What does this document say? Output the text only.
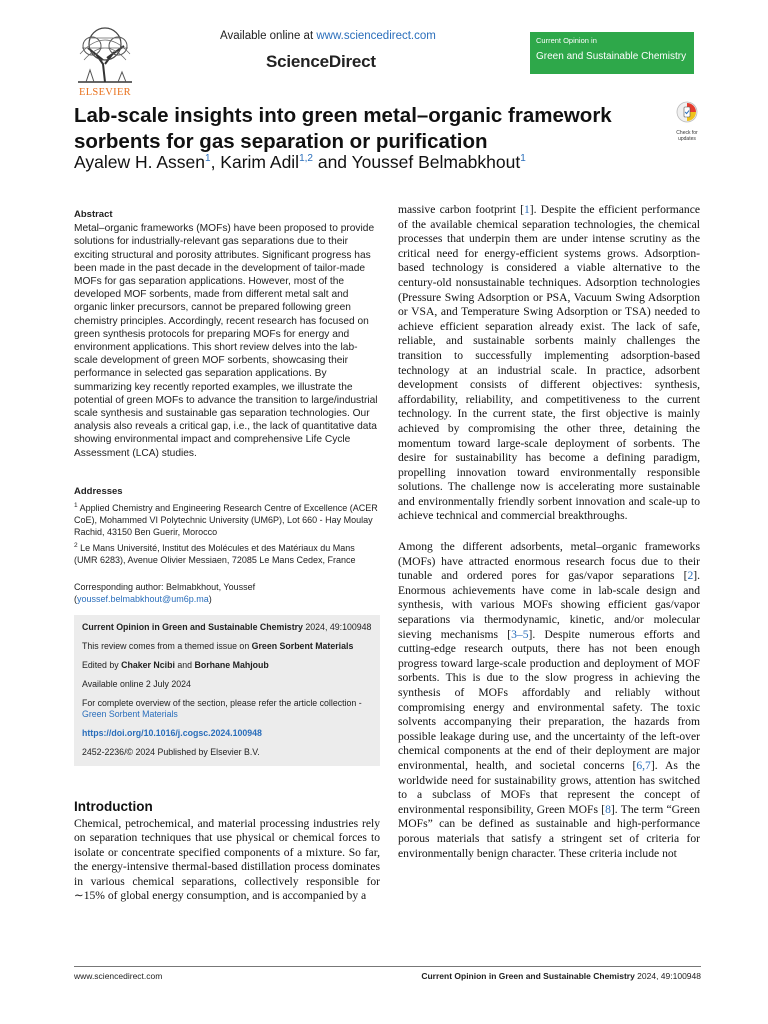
ELSEVIER
Available online at www.sciencedirect.com
ScienceDirect
Current Opinion in
Green and Sustainable Chemistry
Check for updates
Lab-scale insights into green metal–organic framework sorbents for gas separation or purification
Ayalew H. Assen$^1$, Karim Adil$^{1,2}$ and Youssef Belmabkhout$^1$
Abstract

Metal–organic frameworks (MOFs) have been proposed to provide solutions for industrially-relevant gas separations due to their exciting structural and porosity attributes. Significant progress has been made in the past decade in the development of tailor-made MOFs for gas separation applications. However, most of the developed MOF sorbents, made from different metal salt and organic linker precursors, cannot be prepared following green chemistry principles. Accordingly, recent research has focused on green synthesis protocols for preparing MOFs for energy and environment applications. This short review delves into the lab-scale development of green MOF sorbents, showcasing their performance in selected gas separation applications. By summarizing key recently reported examples, we illustrate the potential of green MOFs to advance the transition to large/industrial scale synthesis and sustainable gas separation technologies. Our analysis also reveals a critical gap, i.e., the lack of quantitative data showing environmental impact and comprehensive Life Cycle Assessment (LCA) studies.

Addresses

$^1$ Applied Chemistry and Engineering Research Centre of Excellence (ACER CoE), Mohammed VI Polytechnic University (UM6P), Lot 660 - Hay Moulay Rachid, 43150 Ben Guerir, Morocco

$^2$ Le Mans Université, Institut des Molécules et des Matériaux du Mans (UMR 6283), Avenue Olivier Messiaen, 72085 Le Mans Cedex, France

Corresponding author: Belmabkhout, Youssef (youssef.belmabkhout@um6p.ma)

Current Opinion in Green and Sustainable Chemistry 2024, 49:100948

This review comes from a themed issue on Green Sorbent Materials

Edited by Chaker Ncibi and Borhane Mahjoub

Available online 2 July 2024

For complete overview of the section, please refer the article collection - Green Sorbent Materials

https://doi.org/10.1016/j.cogsc.2024.100948

2452-2236/© 2024 Published by Elsevier B.V.

Introduction

Chemical, petrochemical, and material processing industries rely on separation techniques that use physical or chemical forces to isolate or concentrate specified components of a mixture. So far, the energy-intensive thermal-based distillation process dominates in various chemical separations, collectively responsible for ∼15% of global energy consumption, and is accompanied by a

massive carbon footprint [1]. Despite the efficient performance of the available chemical separation technologies, the chemical processes that underpin them are under intense scrutiny as the critical need for energy-efficient systems grows. Adsorption-based technology is considered a viable alternative to the century-old nonsustainable techniques. Adsorption technologies (Pressure Swing Adsorption or PSA, Vacuum Swing Adsorption or VSA, and Temperature Swing Adsorption or TSA) needed to achieve efficient separation already exist. The lack of safe, reliable, and sustainable sorbents mainly challenges the transition to successfully implementing adsorption-based technology at an industrial scale. In practice, adsorbent development consists of different objectives: synthesis, affordability, reliability, and competitiveness to the current technology. In the current state, the first objective is mainly achieved by compromising the other three, detaining the momentum toward large-scale deployment of sorbents. The desire for sustainability has become a defining paradigm, propelling innovation toward environmentally responsible solutions. The challenge now is accelerating more sustainable and environmentally friendly sorbent innovation and scale-up to achieve technical and commercial breakthroughs.

Among the different adsorbents, metal–organic frameworks (MOFs) have attracted enormous research focus due to their tunable and ordered pores for gas/vapor separations [2]. Enormous achievements have come in lab-scale design and synthesis, with various MOFs showing efficient gas/vapor separations via thermodynamic, kinetic, and/or molecular sieving mechanisms [3–5]. Despite numerous efforts and cutting-edge research outputs, there has not been enough progress toward large-scale production and deployment of MOF sorbents. This is due to the slow progress in achieving the synthesis of MOFs affordably and reliably without compromising energy and environmental safety. The toxic solvents accompanying their preparation, the hazards from possible leakage during use, and the uncertainty of the left-over chemical components at the end of their deployment are major environmental, health, and societal concerns [6,7]. As the worldwide need for sustainability grows, attention has switched to a subclass of MOFs that represent the concept of environmental responsibility, Green MOFs [8]. The term “Green MOFs” can be defined as sustainable and high-performance porous materials that satisfy a stringent set of criteria for environmentally benign character. These criteria include not

www.sciencedirect.com	Current Opinion in Green and Sustainable Chemistry 2024, 49:100948
